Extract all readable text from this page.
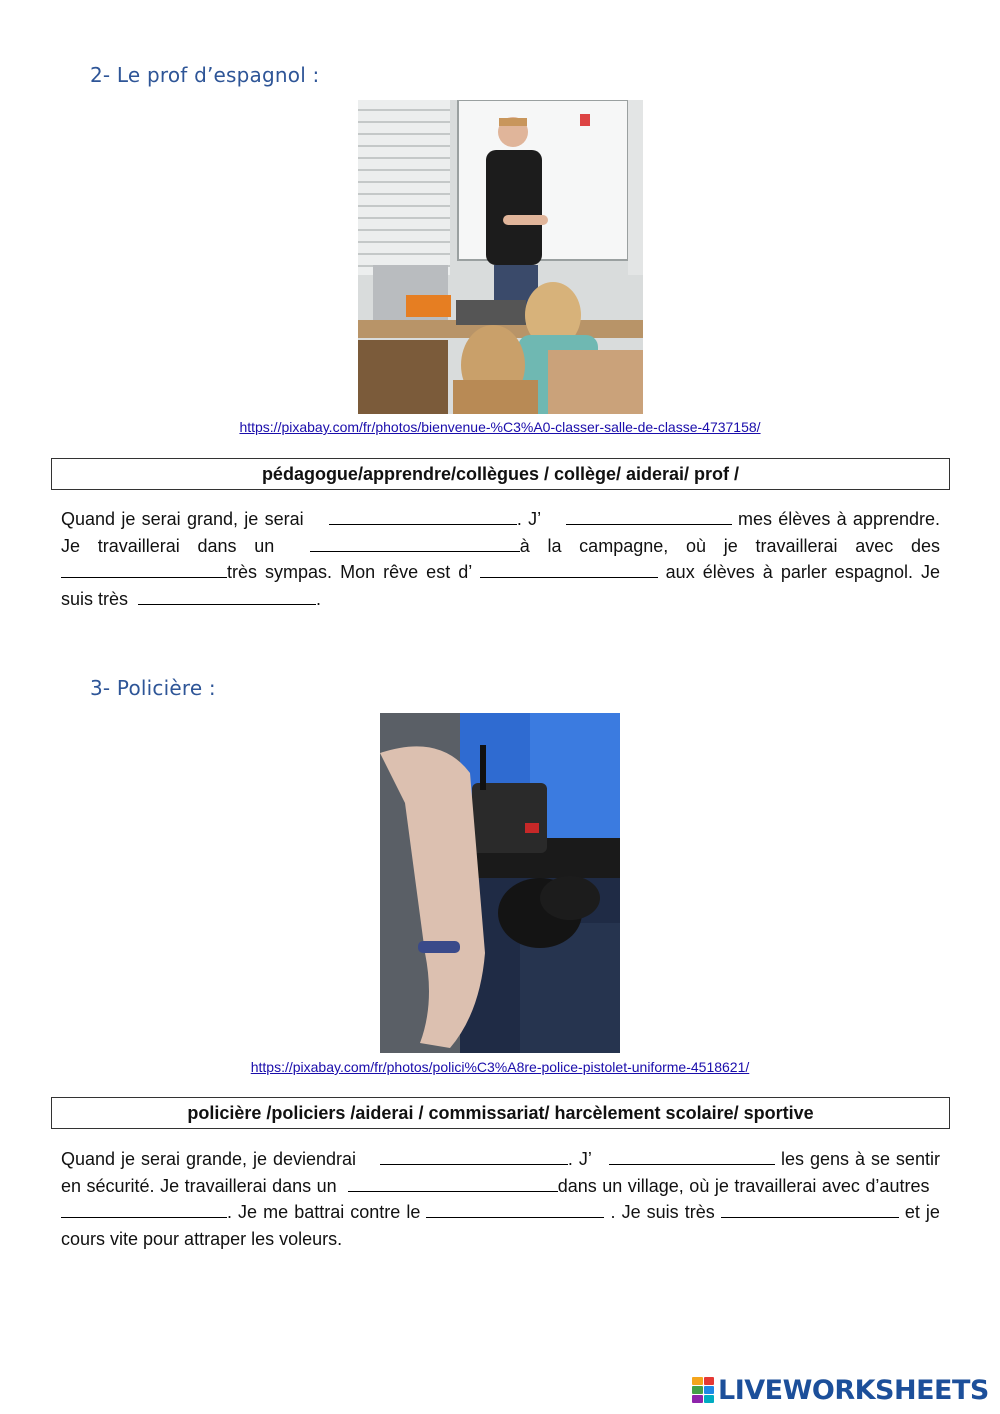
2- Le prof d’espagnol :
https://pixabay.com/fr/photos/bienvenue-%C3%A0-classer-salle-de-classe-4737158/
pédagogue/apprendre/collègues / collège/ aiderai/ prof /
Quand je serai grand, je serai	. J’	mes élèves à apprendre. Je travaillerai dans un	à la campagne, où je travaillerai avec des très sympas. Mon rêve est d’	aux élèves à parler espagnol. Je suis très	.
3- Policière :
https://pixabay.com/fr/photos/polici%C3%A8re-police-pistolet-uniforme-4518621/
policière /policiers /aiderai / commissariat/ harcèlement scolaire/ sportive
Quand je serai grande, je deviendrai	. J’	les gens à se sentir en sécurité. Je travaillerai dans un	dans un village, où je travaillerai avec d’autres  . Je me battrai contre le	. Je suis très	et je cours vite pour attraper les voleurs.
LIVEWORKSHEETS
